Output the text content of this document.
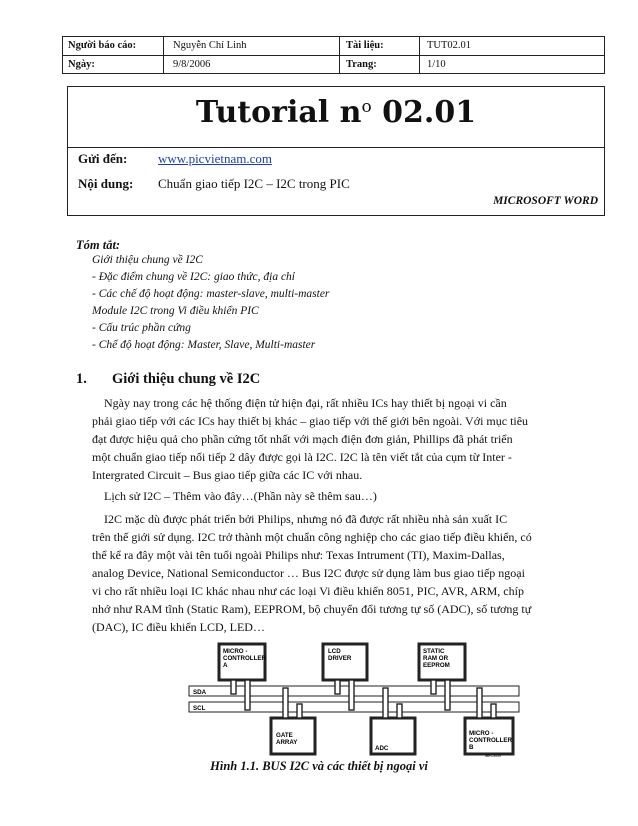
Người báo cáo:	Nguyễn Chí Linh	Tài liệu:	TUT02.01
Ngày:	9/8/2006	Trang:	1/10
Tutorial $n^o$ 02.01
Gửi đến: www.picvietnam.com
Nội dung: Chuẩn giao tiếp I2C – I2C trong PIC
MICROSOFT WORD
Tóm tắt:
Giới thiệu chung về I2C
- Đặc điểm chung về I2C: giao thức, địa chỉ
- Các chế độ hoạt động: master-slave, multi-master
Module I2C trong Vi điều khiển PIC
- Cấu trúc phần cứng
- Chế độ hoạt động: Master, Slave, Multi-master
1. Giới thiệu chung về I2C
Ngày nay trong các hệ thống điện tử hiện đại, rất nhiều ICs hay thiết bị ngoại vi cần
phải giao tiếp với các ICs hay thiết bị khác – giao tiếp với thế giới bên ngoài. Với mục tiêu
đạt được hiệu quả cho phần cứng tốt nhất với mạch điện đơn giản, Phillips đã phát triển
một chuẩn giao tiếp nối tiếp 2 dây được gọi là I2C. I2C là tên viết tắt của cụm từ Inter -
Intergrated Circuit – Bus giao tiếp giữa các IC với nhau.
Lịch sử I2C – Thêm vào đây…(Phần này sẽ thêm sau…)
I2C mặc dù được phát triển bởi Philips, nhưng nó đã được rất nhiều nhà sản xuất IC
trên thế giới sử dụng. I2C trở thành một chuẩn công nghiệp cho các giao tiếp điều khiển, có
thể kể ra đây một vài tên tuổi ngoài Philips như: Texas Intrument (TI), Maxim-Dallas,
analog Device, National Semiconductor … Bus I2C được sử dụng làm bus giao tiếp ngoại
vi cho rất nhiều loại IC khác nhau như các loại Vi điều khiển 8051, PIC, AVR, ARM, chíp
nhớ như RAM tĩnh (Static Ram), EEPROM, bộ chuyển đổi tương tự số (ADC), số tương tự
(DAC), IC điều khiển LCD, LED…
SDA
SCL
MICRO -CONTROLLER A
LCD DRIVER
STATIC RAM OR EEPROM
GATE ARRAY
ADC
MICRO -CONTROLLER B
IBEC3049
Hình 1.1. BUS I2C và các thiết bị ngoại vi
